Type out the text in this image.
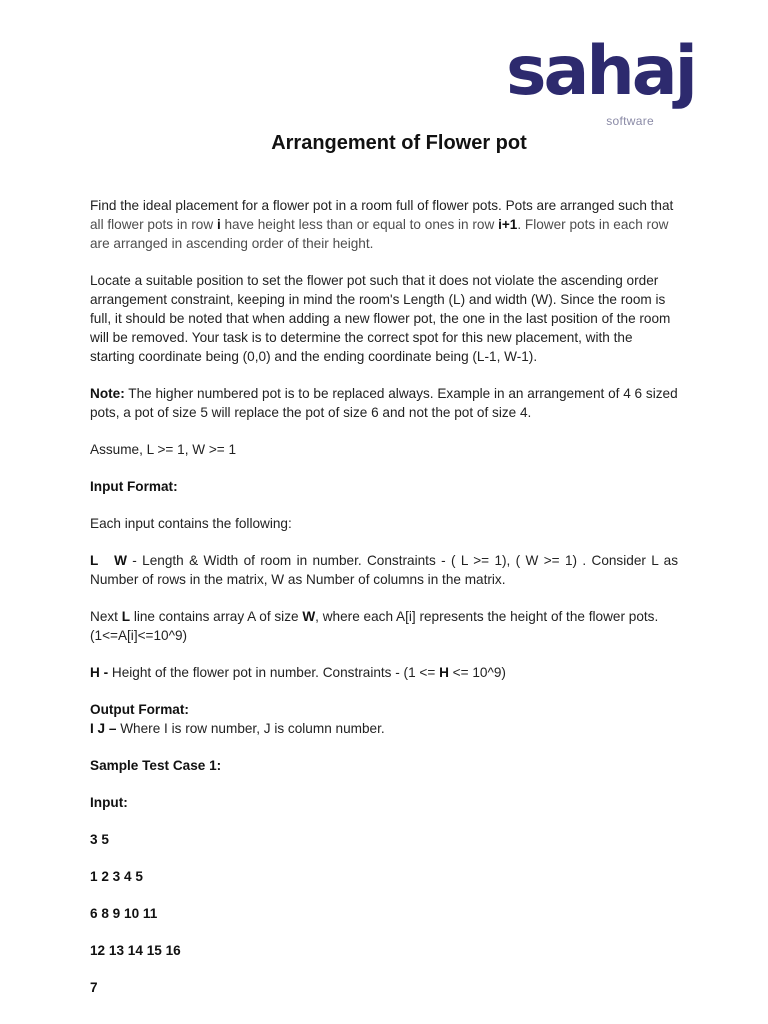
sahaj
software
Arrangement of Flower pot

Find the ideal placement for a flower pot in a room full of flower pots. Pots are arranged such that all flower pots in row i have height less than or equal to ones in row i+1. Flower pots in each row are arranged in ascending order of their height.

Locate a suitable position to set the flower pot such that it does not violate the ascending order arrangement constraint, keeping in mind the room's Length (L) and width (W). Since the room is full, it should be noted that when adding a new flower pot, the one in the last position of the room will be removed. Your task is to determine the correct spot for this new placement, with the starting coordinate being (0,0) and the ending coordinate being (L-1, W-1).

Note: The higher numbered pot is to be replaced always. Example in an arrangement of 4 6 sized pots, a pot of size 5 will replace the pot of size 6 and not the pot of size 4.

Assume, L >= 1, W >= 1

Input Format:

Each input contains the following:

L   W - Length & Width of room in number. Constraints - ( L >= 1), ( W >= 1) . Consider L as Number of rows in the matrix, W as Number of columns in the matrix.

Next L line contains array A of size W, where each A[i] represents the height of the flower pots. (1<=A[i]<=10^9)

H - Height of the flower pot in number. Constraints - (1 <= H <= 10^9)

Output Format:

I J – Where I is row number, J is column number.

Sample Test Case 1:

Input:

3 5

1 2 3 4 5

6 8 9 10 11

12 13 14 15 16

7
